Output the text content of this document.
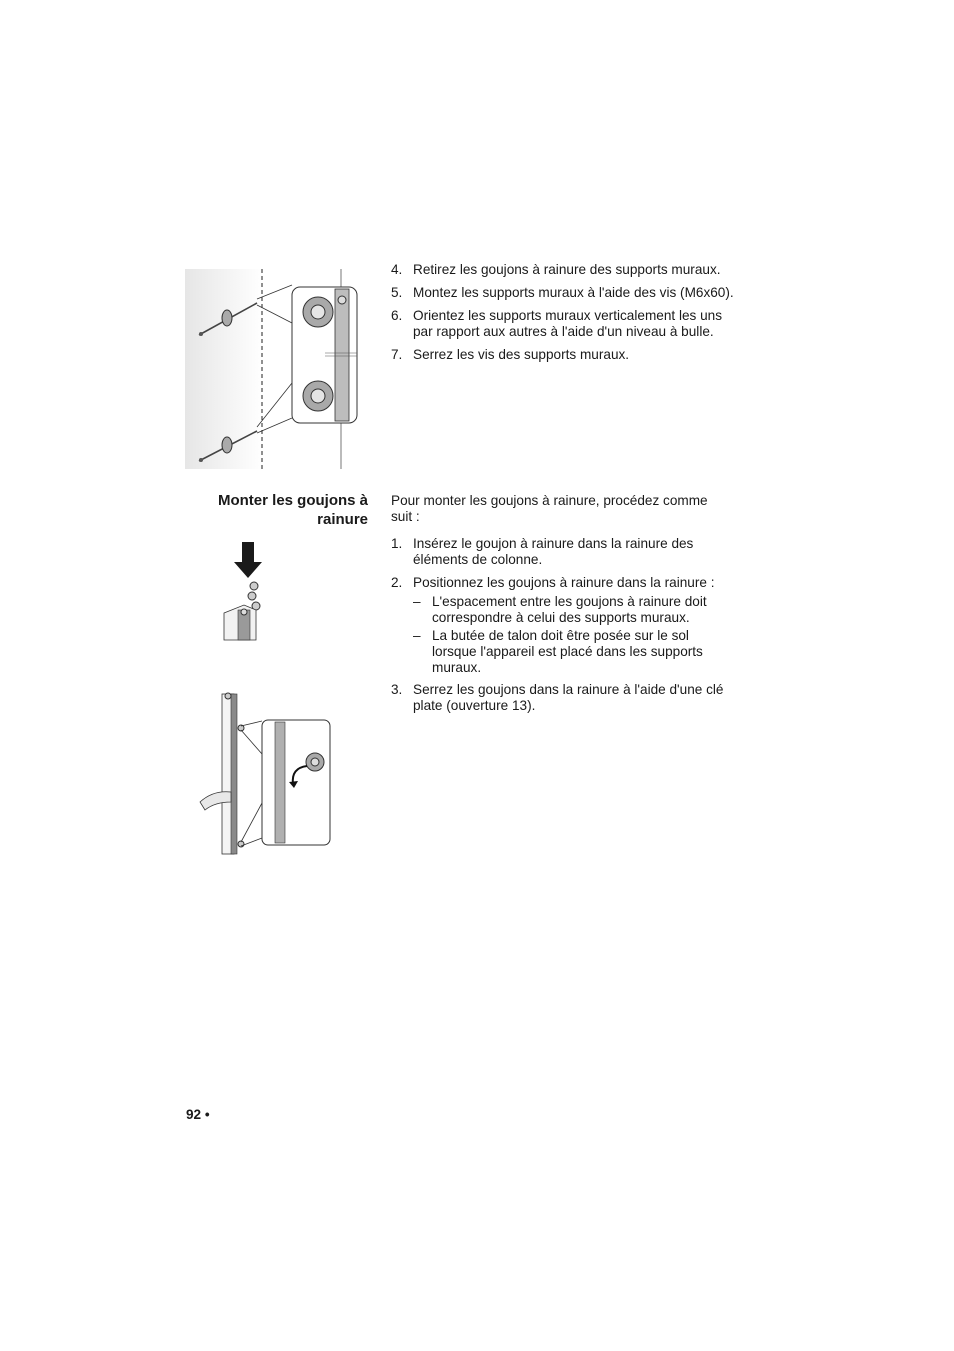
4. Retirez les goujons à rainure des supports muraux.
5. Montez les supports muraux à l'aide des vis (M6x60).
6. Orientez les supports muraux verticalement les uns par rapport aux autres à l'aide d'un niveau à bulle.
7. Serrez les vis des supports muraux.
Monter les goujons à rainure
Pour monter les goujons à rainure, procédez comme suit :
1. Insérez le goujon à rainure dans la rainure des éléments de colonne.
2. Positionnez les goujons à rainure dans la rainure :
– L'espacement entre les goujons à rainure doit correspondre à celui des supports muraux.
– La butée de talon doit être posée sur le sol lorsque l'appareil est placé dans les supports muraux.
3. Serrez les goujons dans la rainure à l'aide d'une clé plate (ouverture 13).
92 •
